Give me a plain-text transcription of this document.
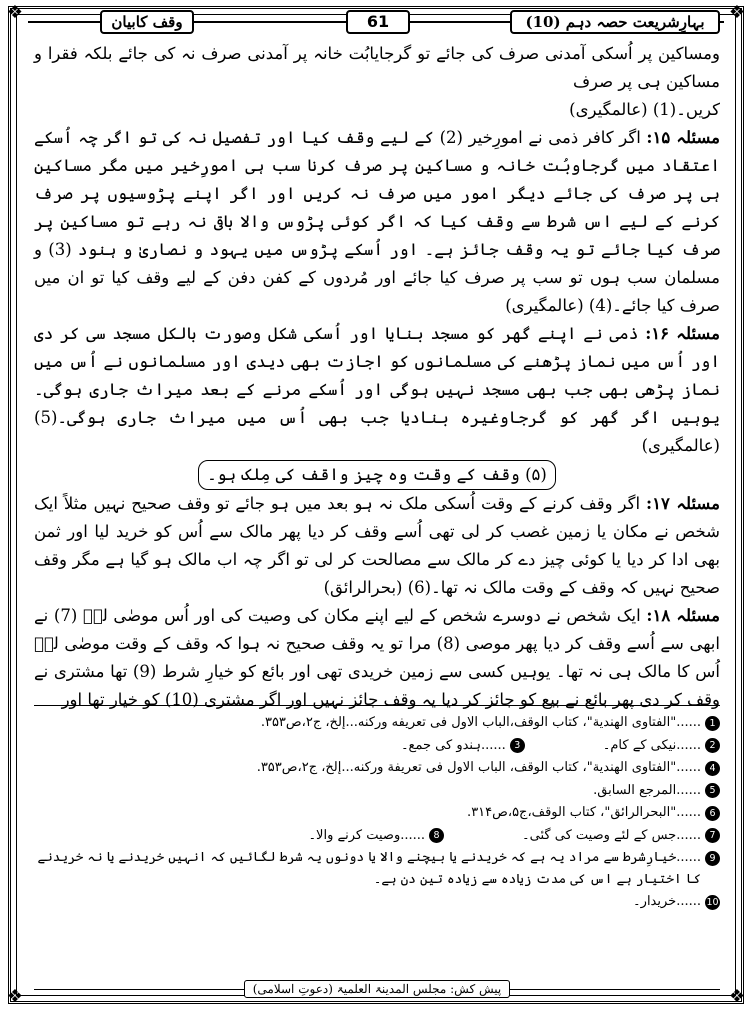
❖	❖
❖	❖
وقف کابیان	61	بہارِشریعت حصہ دہم (10)

ومساکین پر اُسکی آمدنی صرف کی جائے تو گرجایابُت خانہ پر آمدنی صرف نہ کی جائے بلکہ فقرا و مساکین ہی پر صرف

کریں۔(1) (عالمگیری)

مسئلہ ۱۵: اگر کافر ذمی نے امورِخیر (2) کے لیے وقف کیا اور تفصیل نہ کی تو اگر چہ اُسکے اعتقاد میں گرجاوبُت خانہ و مساکین پر صرف کرنا سب ہی امورِخیر میں مگر مساکین ہی پر صرف کی جائے دیگر امور میں صرف نہ کریں اور اگر اپنے پڑوسیوں پر صرف کرنے کے لیے اس شرط سے وقف کیا کہ اگر کوئی پڑوس والا باقی نہ رہے تو مساکین پر صرف کیا جائے تو یہ وقف جائز ہے۔ اور اُسکے پڑوس میں یہود و نصاریٰ و ہنود (3) و مسلمان سب ہوں تو سب پر صرف کیا جائے اور مُردوں کے کفن دفن کے لیے وقف کیا تو ان میں صرف کیا جائے۔(4) (عالمگیری)

مسئلہ ۱۶: ذمی نے اپنے گھر کو مسجد بنایا اور اُسکی شکل وصورت بالکل مسجد سی کر دی اور اُس میں نماز پڑھنے کی مسلمانوں کو اجازت بھی دیدی اور مسلمانوں نے اُس میں نماز پڑھی بھی جب بھی مسجد نہیں ہوگی اور اُسکے مرنے کے بعد میراث جاری ہوگی۔ یوہیں اگر گھر کو گرجاوغیرہ بنادیا جب بھی اُس میں میراث جاری ہوگی۔(5) (عالمگیری)

(۵) وقف کے وقت وہ چیز واقف کی مِلک ہو۔

مسئلہ ۱۷: اگر وقف کرنے کے وقت اُسکی ملک نہ ہو بعد میں ہو جائے تو وقف صحیح نہیں مثلاً ایک شخص نے مکان یا زمین غصب کر لی تھی اُسے وقف کر دیا پھر مالک سے اُس کو خرید لیا اور ثمن بھی ادا کر دیا یا کوئی چیز دے کر مالک سے مصالحت کر لی تو اگر چہ اب مالک ہو گیا ہے مگر وقف صحیح نہیں کہ وقف کے وقت مالک نہ تھا۔(6) (بحرالرائق)

مسئلہ ۱۸: ایک شخص نے دوسرے شخص کے لیے اپنے مکان کی وصیت کی اور اُس موصٰی لہٗ (7) نے ابھی سے اُسے وقف کر دیا پھر موصی (8) مرا تو یہ وقف صحیح نہ ہوا کہ وقف کے وقت موصٰی لہٗ اُس کا مالک ہی نہ تھا۔ یوہیں کسی سے زمین خریدی تھی اور بائع کو خیارِ شرط (9) تھا مشتری نے وقف کر دی پھر بائع نے بیع کو جائز کر دیا یہ وقف جائز نہیں اور اگر مشتری (10) کو خیار تھا اور

1
......"الفتاوی الهندية"، کتاب الوقف،الباب الاول فی تعريفه ورکنه...إلخ، ج۲،ص۳۵۳.
2
......نیکی کے کام۔
3
......ہندو کی جمع۔
4
......"الفتاوی الهندية"، کتاب الوقف، الباب الاول فی تعريفة ورکنه...إلخ، ج۲،ص۳۵۳.
5
......المرجع السابق.
6
......"البحرالرائق"، کتاب الوقف،ج۵،ص۳۱۴.
7
......جس کے لئے وصیت کی گئی۔
8
......وصیت کرنے والا۔
9
......خیارِشرط سے مراد یہ ہے کہ خریدنے یا بیچنے والا یا دونوں یہ شرط لگائیں کہ انہیں خریدنے یا نہ خریدنے کا اختیار ہے اس کی مدت زیادہ سے زیادہ تین دن ہے۔
10
......خریدار۔
پیش کش: مجلس المدینۃ العلمیۃ (دعوتِ اسلامی)
